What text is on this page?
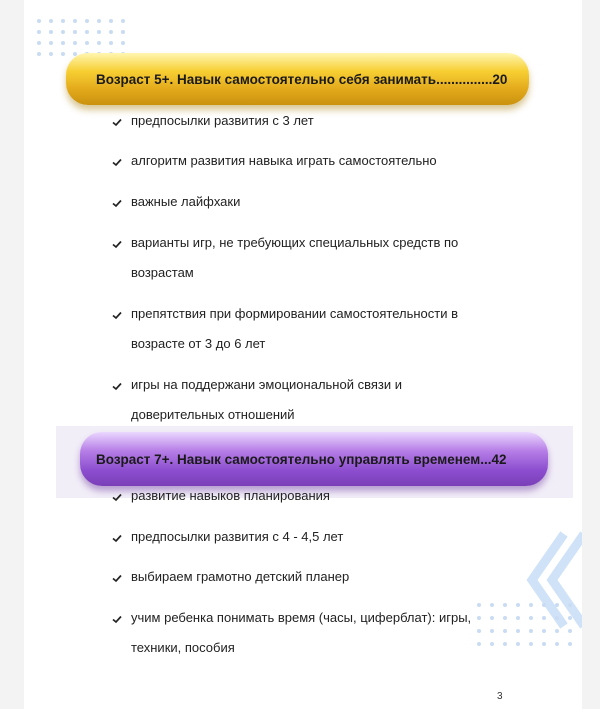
Возраст 5+. Навык самостоятельно себя занимать...............20
предпосылки развития с 3 лет
алгоритм развития навыка играть самостоятельно
важные лайфхаки
варианты игр, не требующих специальных средств по
возрастам
препятствия при формировании самостоятельности в
возрасте от 3 до 6 лет
игры на поддержани эмоциональной связи и
доверительных отношений
Возраст 7+. Навык самостоятельно управлять временем...42
развитие навыков планирования
предпосылки развития с 4 - 4,5 лет
выбираем грамотно детский планер
учим ребенка понимать время (часы, циферблат): игры,
техники, пособия
3
